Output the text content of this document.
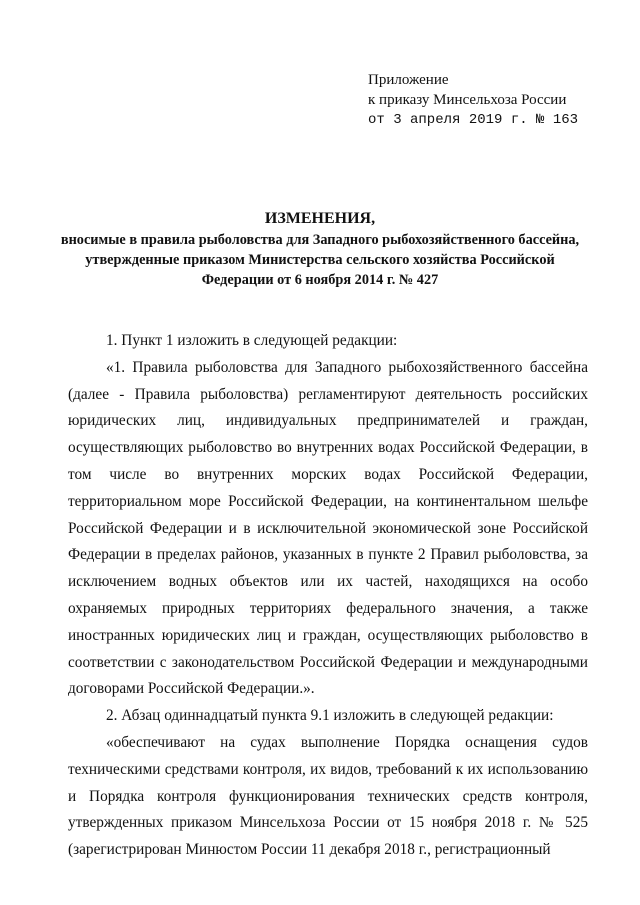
Приложение
к приказу Минсельхоза России
от 3 апреля 2019 г. № 163
ИЗМЕНЕНИЯ,

вносимые в правила рыболовства для Западного рыбохозяйственного бассейна, утвержденные приказом Министерства сельского хозяйства Российской Федерации от 6 ноября 2014 г. № 427

1. Пункт 1 изложить в следующей редакции:

«1. Правила рыболовства для Западного рыбохозяйственного бассейна (далее - Правила рыболовства) регламентируют деятельность российских юридических лиц, индивидуальных предпринимателей и граждан, осуществляющих рыболовство во внутренних водах Российской Федерации, в том числе во внутренних морских водах Российской Федерации, территориальном море Российской Федерации, на континентальном шельфе Российской Федерации и в исключительной экономической зоне Российской Федерации в пределах районов, указанных в пункте 2 Правил рыболовства, за исключением водных объектов или их частей, находящихся на особо охраняемых природных территориях федерального значения, а также иностранных юридических лиц и граждан, осуществляющих рыболовство в соответствии с законодательством Российской Федерации и международными договорами Российской Федерации.».

2. Абзац одиннадцатый пункта 9.1 изложить в следующей редакции:

«обеспечивают на судах выполнение Порядка оснащения судов техническими средствами контроля, их видов, требований к их использованию и Порядка контроля функционирования технических средств контроля, утвержденных приказом Минсельхоза России от 15 ноября 2018 г. № 525 (зарегистрирован Минюстом России 11 декабря 2018 г., регистрационный
